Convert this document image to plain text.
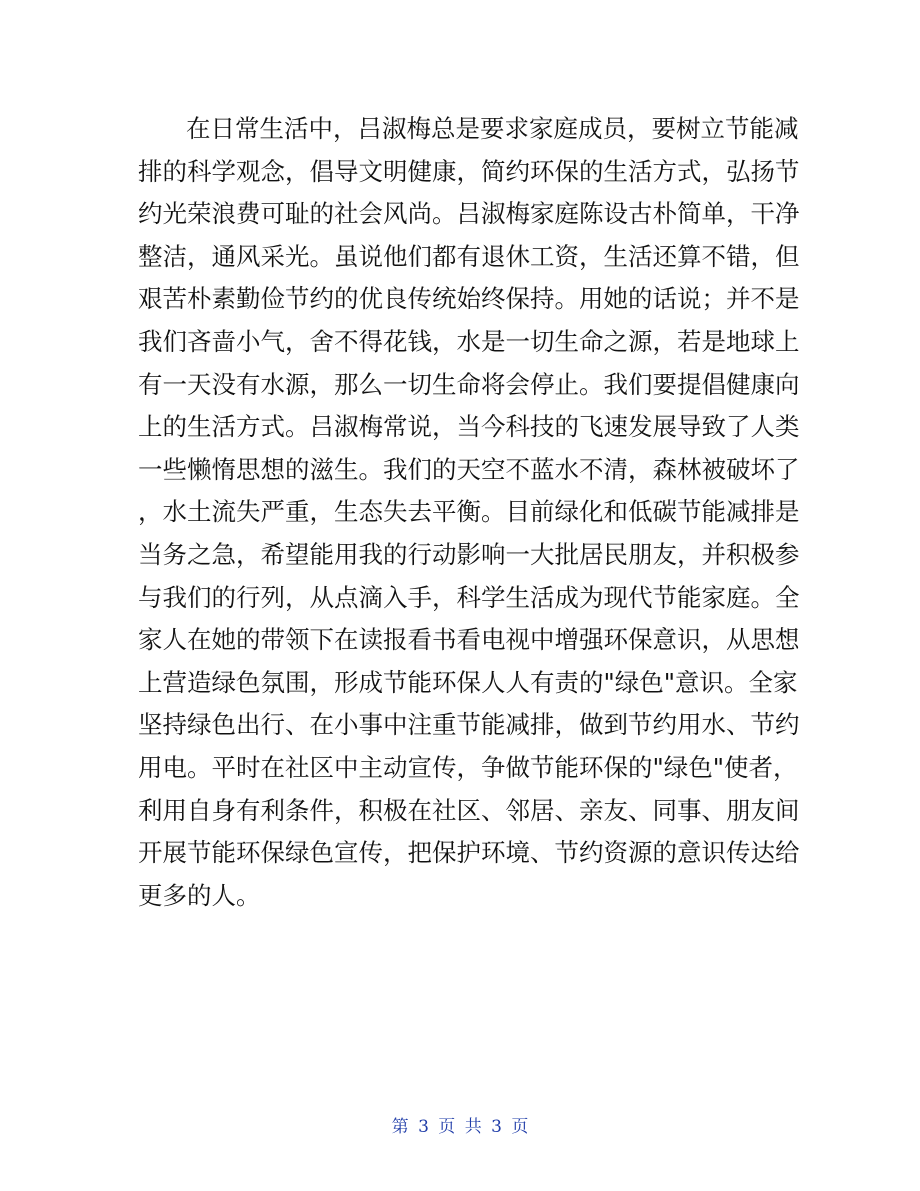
在日常生活中，吕淑梅总是要求家庭成员，要树立节能减
排的科学观念，倡导文明健康，简约环保的生活方式，弘扬节
约光荣浪费可耻的社会风尚。吕淑梅家庭陈设古朴简单，干净
整洁，通风采光。虽说他们都有退休工资，生活还算不错，但
艰苦朴素勤俭节约的优良传统始终保持。用她的话说；并不是
我们吝啬小气，舍不得花钱，水是一切生命之源，若是地球上
有一天没有水源，那么一切生命将会停止。我们要提倡健康向
上的生活方式。吕淑梅常说，当今科技的飞速发展导致了人类
一些懒惰思想的滋生。我们的天空不蓝水不清，森林被破坏了
，水土流失严重，生态失去平衡。目前绿化和低碳节能减排是
当务之急，希望能用我的行动影响一大批居民朋友，并积极参
与我们的行列，从点滴入手，科学生活成为现代节能家庭。全
家人在她的带领下在读报看书看电视中增强环保意识，从思想
上营造绿色氛围，形成节能环保人人有责的"绿色"意识。全家
坚持绿色出行、在小事中注重节能减排，做到节约用水、节约
用电。平时在社区中主动宣传，争做节能环保的"绿色"使者，
利用自身有利条件，积极在社区、邻居、亲友、同事、朋友间
开展节能环保绿色宣传，把保护环境、节约资源的意识传达给
更多的人。
第 3 页 共 3 页
